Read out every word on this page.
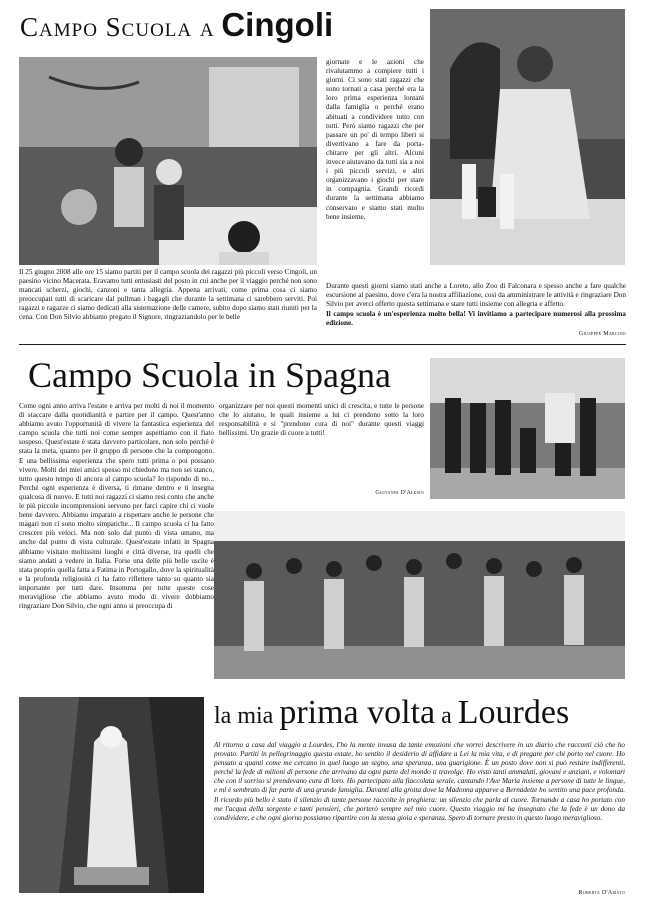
Campo Scuola a Cingoli
giornate e le azioni che rivalutammo a compiere tutti i giorni. Ci sono stati ragazzi che sono tornati a casa perché era la loro prima esperienza lontani dalla famiglia o perché erano abituati a condividere tutto con tutti. Però siamo ragazzi che per passare un po' di tempo liberi si divertivano a fare da porta-chitarre per gli altri. Alcuni invece aiutavano da tutti sia a noi i più piccoli servizi, e altri organizzavano i giochi per stare in compagnia. Grandi ricordi durante la settimana abbiamo conservato e siamo stati molto bene insieme.
Il 25 giugno 2008 alle ore 15 siamo partiti per il campo scuola dei ragazzi più piccoli verso Cingoli, un paesino vicino Macerata. Eravamo tutti entusiasti del posto in cui anche per il viaggio perché non sono mancati scherzi, giochi, canzoni e tanta allegria. Appena arrivati, come prima cosa ci siamo preoccupati tutti di scaricare dal pullman i bagagli che durante la settimana ci sarebbero serviti. Poi ragazzi e ragazze ci siamo dedicati alla sistemazione delle camere, subito dopo siamo stati riuniti per la cena. Con Don Silvio abbiamo pregato il Signore, ringraziandolo per le belle
Durante questi giorni siamo stati anche a Loreto, allo Zoo di Falconara e spesso anche a fare qualche escursione al paesino, dove c'era la nostra affiliazione, così da amministrare le attività e ringraziare Don Silvio per averci offerto questa settimana e stare tutti insieme con allegria e affetto.
Il campo scuola è un'esperienza molto bella! Vi invitiamo a partecipare numerosi alla prossima edizione.
Giuseppe Marconi
Campo Scuola in Spagna
Come ogni anno arriva l'estate e arriva per molti di noi il momento di staccare dalla quotidianità e partire per il campo. Quest'anno abbiamo avuto l'opportunità di vivere la fantastica esperienza del campo scuola che tutti noi come sempre aspettiamo con il fiato sospeso. Quest'estate è stata davvero particolare, non solo perché è stata la meta, quanto per il gruppo di persone che la compongono. E una bellissima esperienza che spero tutti prima o poi possano vivere. Molti dei miei amici spesso mi chiedono ma non sei stanco, tutto questo tempo di ancora al campo scuola? Io rispondo di no... Perché ogni esperienza è diversa, ti rimane dentro e ti insegna qualcosa di nuovo. E tutti noi ragazzi ci siamo resi conto che anche le più piccole incomprensioni servono per farci capire chi ci vuole bene davvero. Abbiamo imparato a rispettare anche le persone che magari non ci sono molto simpatiche... Il campo scuola ci ha fatto crescere più veloci. Ma non solo dal punto di vista umano, ma anche dal punto di vista culturale. Quest'estate infatti in Spagna abbiamo visitato moltissimi luoghi e città diverse, tra quelli che siamo andati a vedere in Italia. Forse una delle più belle uscite è stata proprio quella fatta a Fatima in Portogallo, dove la spiritualità e la profonda religiosità ci ha fatto riflettere tanto su quanto sia importante per tutti dare. Insomma per tutte queste cose meravigliose che abbiamo avuto modo di vivere dobbiamo ringraziare Don Silvio, che ogni anno si preoccupa di
organizzare per noi questi momenti unici di crescita, e tutte le persone che lo aiutano, le quali insieme a lui ci prendono sotto la loro responsabilità e si "prendono cura di noi" durante questi viaggi bellissimi. Un grazie di cuore a tutti!
Giovanni D'Alesio
la mia prima volta a Lourdes
Al ritorno a casa dal viaggio a Lourdes, I'ho la mente invasa da tante emozioni che vorrei descrivere in un diario che racconti ciò che ho provato. Partiti in pellegrinaggio questa estate, ho sentito il desiderio di affidare a Lei la mia vita, e di pregare per chi porto nel cuore. Ho pensato a quanti come me cercano in quel luogo un segno, una speranza, una guarigione. È un posto dove non si può restare indifferenti, perché la fede di milioni di persone che arrivano da ogni parte del mondo ti travolge. Ho visto tanti ammalati, giovani e anziani, e volontari che con il sorriso si prendevano cura di loro. Ho partecipato alla fiaccolata serale, cantando l'Ave Maria insieme a persone di tutte le lingue, e mi è sembrato di far parte di una grande famiglia. Davanti alla grotta dove la Madonna apparve a Bernadette ho sentito una pace profonda. Il ricordo più bello è stato il silenzio di tante persone raccolte in preghiera: un silenzio che parla al cuore. Tornando a casa ho portato con me l'acqua della sorgente e tanti pensieri, che porterò sempre nel mio cuore. Questo viaggio mi ha insegnato che la fede è un dono da condividere, e che ogni giorno possiamo ripartire con la stessa gioia e speranza. Spero di tornare presto in questo luogo meraviglioso.
Roberta D'Amato
